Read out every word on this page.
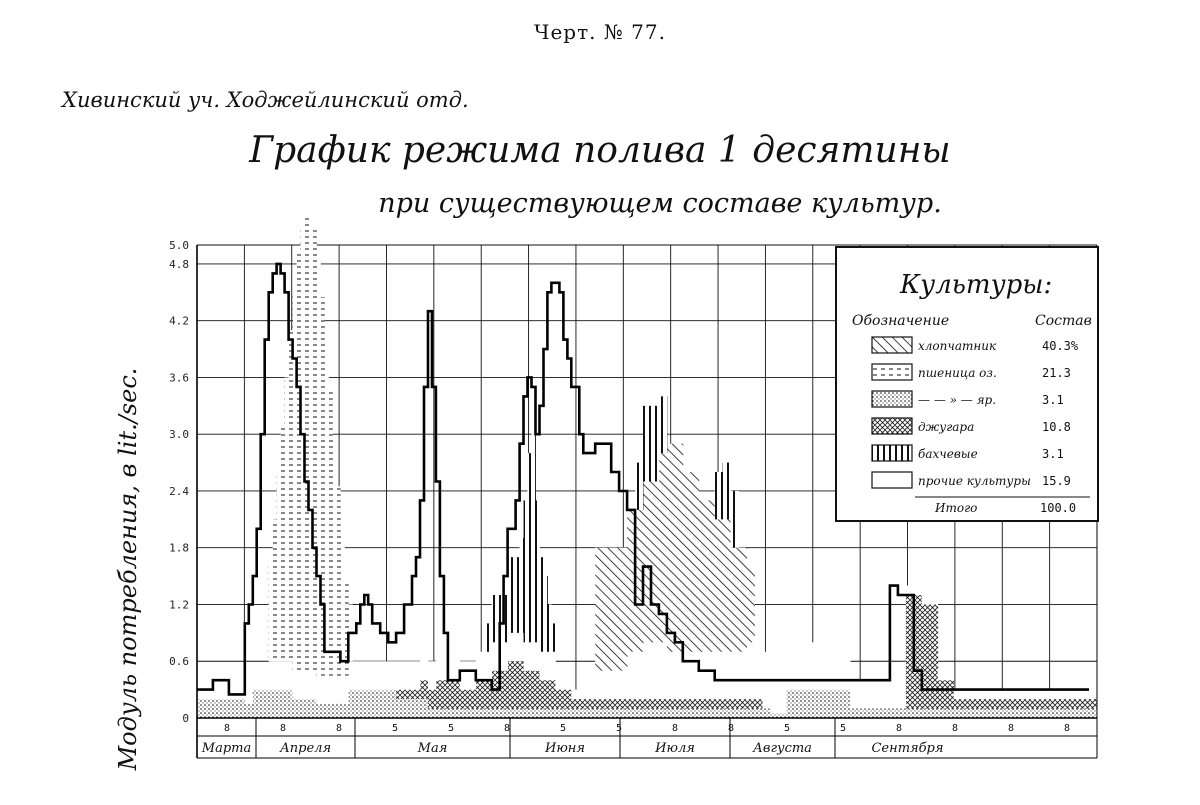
Черт. № 77.
Хивинский уч. Ходжейлинский отд.
График режима полива 1 десятины
при существующем составе культур.
Модуль потребления, в lit./sec.	0
0.6
1.2
1.8
2.4
3.0
3.6
4.2
4.8
5.0
Марта Апреля	Мая	Июня	Июля	Августа	Сентября
8	8	8	5	5	8	5	5	8	8	5	5	8	8	8	8
Культуры:
Обозначение	Состав
хлопчатник	40.3%
пшеница оз.	21.3
— — » — яр.	3.1
джугара	10.8
бахчевые	3.1
прочие культуры 15.9
Итого	100.0
